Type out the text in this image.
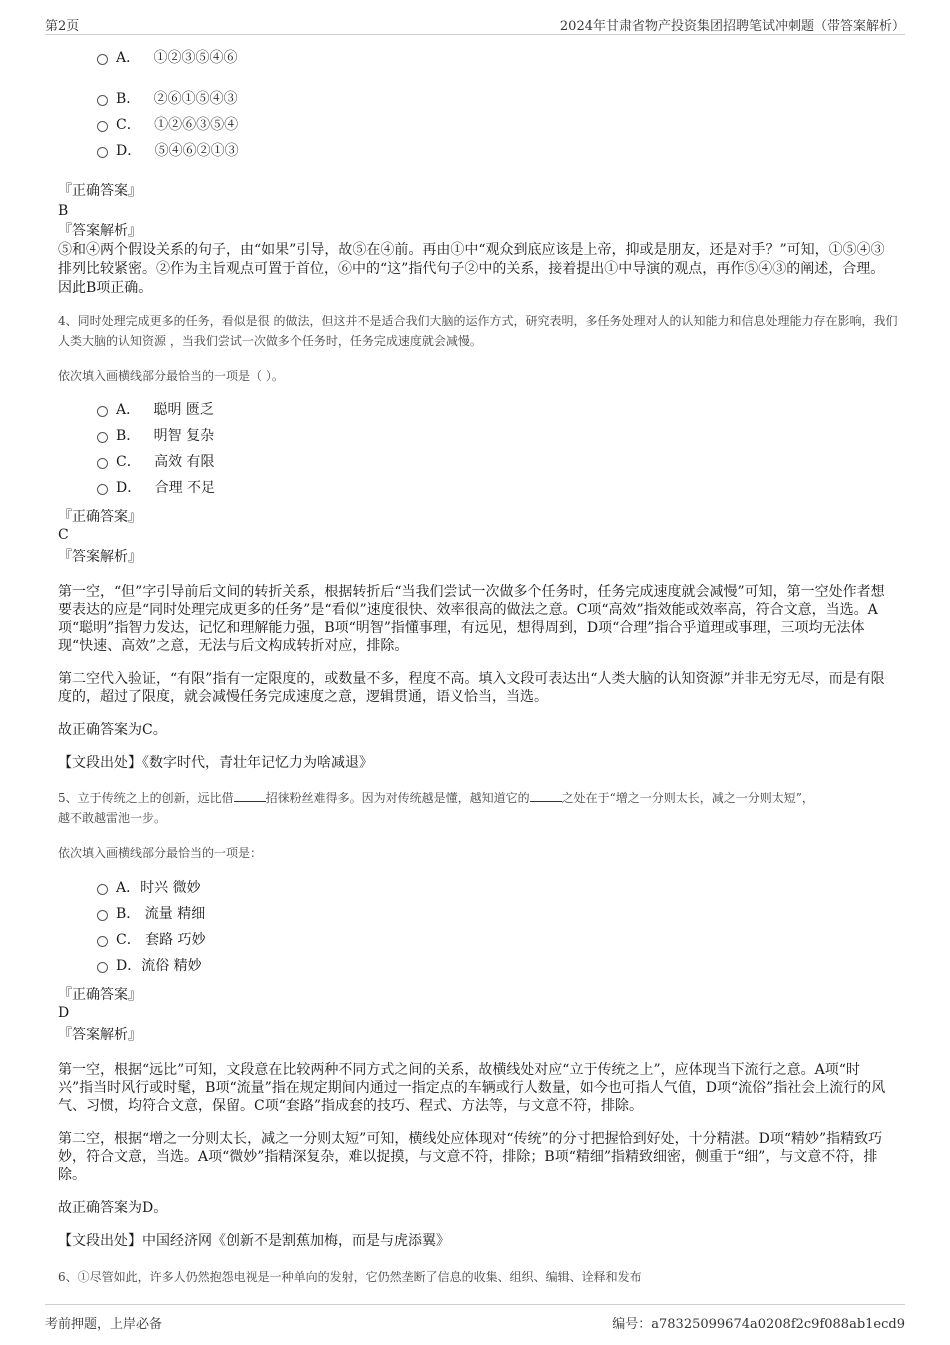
第2页	2024年甘肃省物产投资集团招聘笔试冲刺题（带答案解析）
A． ①②③⑤④⑥
B． ②⑥①⑤④③
C． ①②⑥③⑤④
D． ⑤④⑥②①③
『正确答案』
B
『答案解析』
⑤和④两个假设关系的句子，由“如果”引导，故⑤在④前。再由①中“观众到底应该是上帝，抑或是朋友，还是对手？”可知，①⑤④③排列比较紧密。②作为主旨观点可置于首位，⑥中的“这”指代句子②中的关系，接着提出①中导演的观点，再作⑤④③的阐述，合理。因此B项正确。
4、同时处理完成更多的任务，看似是很 的做法，但这并不是适合我们大脑的运作方式，研究表明，多任务处理对人的认知能力和信息处理能力存在影响，我们人类大脑的认知资源 ，当我们尝试一次做多个任务时，任务完成速度就会减慢。
依次填入画横线部分最恰当的一项是（ ）。
A． 聪明 匮乏
B． 明智 复杂
C． 高效 有限
D． 合理 不足
『正确答案』
C
『答案解析』
第一空，“但”字引导前后文间的转折关系，根据转折后“当我们尝试一次做多个任务时，任务完成速度就会减慢”可知，第一空处作者想要表达的应是“同时处理完成更多的任务”是“看似”速度很快、效率很高的做法之意。C项“高效”指效能或效率高，符合文意，当选。A项“聪明”指智力发达，记忆和理解能力强，B项“明智”指懂事理，有远见，想得周到，D项“合理”指合乎道理或事理，三项均无法体现“快速、高效”之意，无法与后文构成转折对应，排除。
第二空代入验证，“有限”指有一定限度的，或数量不多，程度不高。填入文段可表达出“人类大脑的认知资源”并非无穷无尽，而是有限度的，超过了限度，就会减慢任务完成速度之意，逻辑贯通，语义恰当，当选。
故正确答案为C。
【文段出处】《数字时代，青壮年记忆力为啥减退》
5、立于传统之上的创新，远比借	招徕粉丝难得多。因为对传统越是懂，越知道它的	之处在于“增之一分则太长，减之一分则太短”，
越不敢越雷池一步。
依次填入画横线部分最恰当的一项是：
A．时兴 微妙
B． 流量 精细
C． 套路 巧妙
D．流俗 精妙
『正确答案』
D
『答案解析』
第一空，根据“远比”可知，文段意在比较两种不同方式之间的关系，故横线处对应“立于传统之上”，应体现当下流行之意。A项“时兴”指当时风行或时髦，B项“流量”指在规定期间内通过一指定点的车辆或行人数量，如今也可指人气值，D项“流俗”指社会上流行的风气、习惯，均符合文意，保留。C项“套路”指成套的技巧、程式、方法等，与文意不符，排除。
第二空，根据“增之一分则太长，减之一分则太短”可知，横线处应体现对“传统”的分寸把握恰到好处，十分精湛。D项“精妙”指精致巧妙，符合文意，当选。A项“微妙”指精深复杂，难以捉摸，与文意不符，排除；B项“精细”指精致细密，侧重于“细”，与文意不符，排除。
故正确答案为D。
【文段出处】中国经济网《创新不是割蕉加梅，而是与虎添翼》
6、①尽管如此，许多人仍然抱怨电视是一种单向的发射，它仍然垄断了信息的收集、组织、编辑、诠释和发布
考前押题，上岸必备	编号：a78325099674a0208f2c9f088ab1ecd9
